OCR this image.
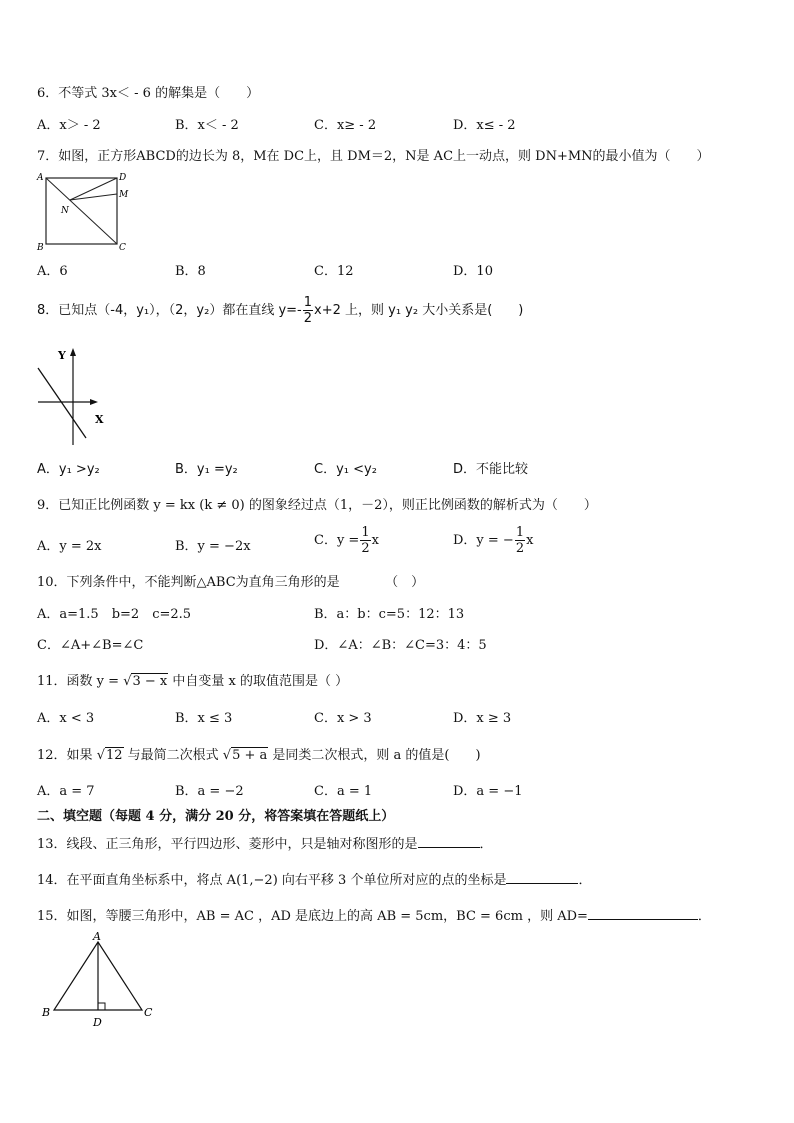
6．不等式 3x＜ - 6 的解集是（　　）
A．x＞ - 2	B．x＜ - 2	C．x≥ - 2	D．x≤ - 2
7．如图，正方形ABCD的边长为 8，M在 DC上，且 DM＝2，N是 AC上一动点，则 DN+MN的最小值为（　　）
A	D
M
N
B	C
A．6	B．8	C．12	D．10
8．已知点（-4，y₁），（2，y₂）都在直线 $y=- \frac{1}{2} x+2$ 上，则 y₁ y₂ 大小关系是(　　)
Y
X
A．y₁ >y₂	B．y₁ =y₂	C．y₁ <y₂	D．不能比较
9．已知正比例函数 y = kx (k ≠ 0) 的图象经过点（1，－2），则正比例函数的解析式为（　　）
A．y = 2x	B．y = −2x	C．$y = \frac{1}{2}$ x	D．y = − $\frac{1}{2}$ x
10．下列条件中，不能判断△ABC为直角三角形的是　　　　（　）
A．a=1.5　b=2　c=2.5	B．a：b：c=5：12：13
C．∠A+∠B=∠C	D．∠A：∠B：∠C=3：4：5
11．函数 y = √3 − x 中自变量 x 的取值范围是（ ）
A．x < 3	B．x ≤ 3	C．x > 3	D．x ≥ 3
12．如果 √12 与最简二次根式 √5 + a 是同类二次根式，则 a 的值是(　　)
A．a = 7	B．a = −2	C．a = 1	D．a = −1
二、填空题（每题 4 分，满分 20 分，将答案填在答题纸上）
13．线段、正三角形，平行四边形、菱形中，只是轴对称图形的是	．
14．在平面直角坐标系中，将点 A(1,−2) 向右平移 3 个单位所对应的点的坐标是	．
15．如图，等腰三角形中，AB = AC ，AD 是底边上的高 AB = 5cm，BC = 6cm ，则 AD=	．
A
B	C
D
